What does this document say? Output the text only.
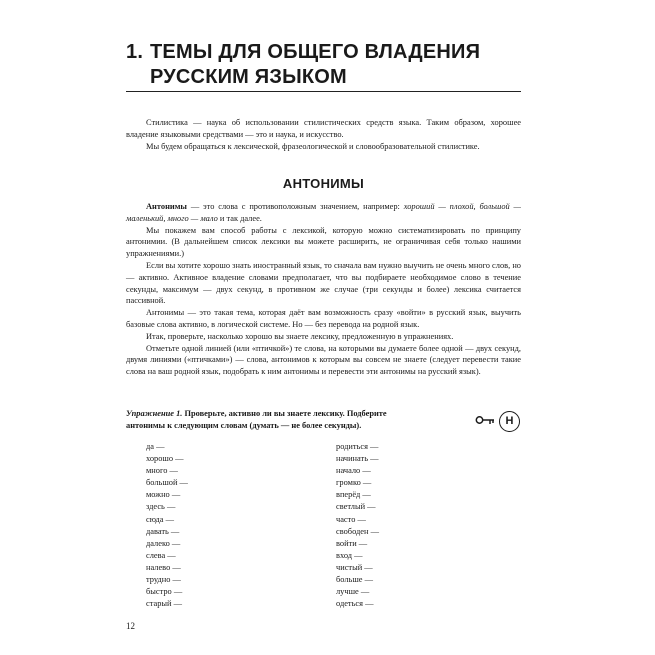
1. ТЕМЫ ДЛЯ ОБЩЕГО ВЛАДЕНИЯ
РУССКИМ ЯЗЫКОМ

Стилистика — наука об использовании стилистических средств языка. Таким образом, хорошее владение языковыми средствами — это и наука, и искусство.

Мы будем обращаться к лексической, фразеологической и словообразовательной стилистике.

АНТОНИМЫ

Антонимы — это слова с противоположным значением, например: хороший — плохой, большой — маленький, много — мало и так далее.

Мы покажем вам способ работы с лексикой, которую можно систематизировать по принципу антонимии. (В дальнейшем список лексики вы можете расширить, не ограничивая себя только нашими упражнениями.)

Если вы хотите хорошо знать иностранный язык, то сначала вам нужно выучить не очень много слов, но — активно. Активное владение словами предполагает, что вы подбираете необходимое слово в течение секунды, максимум — двух секунд, в противном же случае (три секунды и более) лексика считается пассивной.

Антонимы — это такая тема, которая даёт вам возможность сразу «войти» в русский язык, выучить базовые слова активно, в логической системе. Но — без перевода на родной язык.

Итак, проверьте, насколько хорошо вы знаете лексику, предложенную в упражнениях.

Отметьте одной линией (или «птичкой») те слова, на которыми вы думаете более одной — двух секунд, двумя линиями («птичками») — слова, антонимов к которым вы совсем не знаете (следует перевести такие слова на ваш родной язык, подобрать к ним антонимы и перевести эти антонимы на русский язык).

Упражнение 1. Проверьте, активно ли вы знаете лексику. Подберите антонимы к следующим словам (думать — не более секунды).	Н
да —
хорошо —
много —
большой —
можно —
здесь —
сюда —
давать —
далеко —
слева —
налево —
трудно —
быстро —
старый —
родиться —
начинать —
начало —
громко —
вперёд —
светлый —
часто —
свободен —
войти —
вход —
чистый —
больше —
лучше —
одеться —
12
